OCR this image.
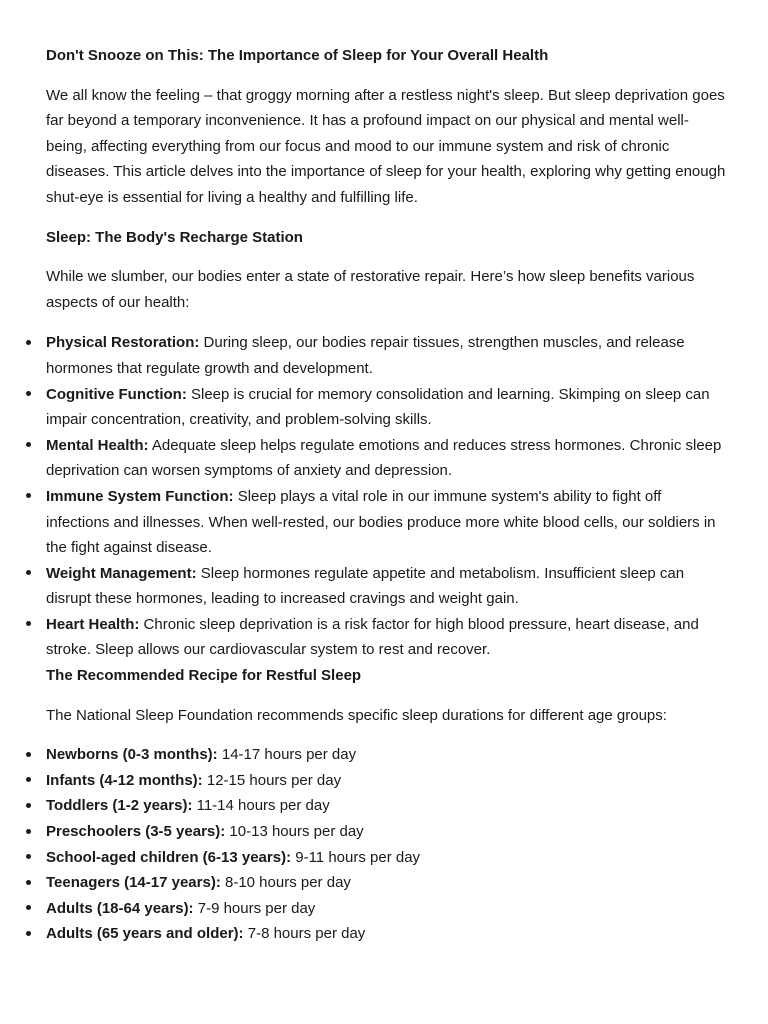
Don't Snooze on This: The Importance of Sleep for Your Overall Health

We all know the feeling – that groggy morning after a restless night's sleep. But sleep deprivation goes far beyond a temporary inconvenience. It has a profound impact on our physical and mental well-being, affecting everything from our focus and mood to our immune system and risk of chronic diseases. This article delves into the importance of sleep for your health, exploring why getting enough shut-eye is essential for living a healthy and fulfilling life.

Sleep: The Body's Recharge Station

While we slumber, our bodies enter a state of restorative repair. Here’s how sleep benefits various aspects of our health:

Physical Restoration: During sleep, our bodies repair tissues, strengthen muscles, and release hormones that regulate growth and development.
Cognitive Function: Sleep is crucial for memory consolidation and learning. Skimping on sleep can impair concentration, creativity, and problem-solving skills.
Mental Health: Adequate sleep helps regulate emotions and reduces stress hormones. Chronic sleep deprivation can worsen symptoms of anxiety and depression.
Immune System Function: Sleep plays a vital role in our immune system's ability to fight off infections and illnesses. When well-rested, our bodies produce more white blood cells, our soldiers in the fight against disease.
Weight Management: Sleep hormones regulate appetite and metabolism. Insufficient sleep can disrupt these hormones, leading to increased cravings and weight gain.
Heart Health: Chronic sleep deprivation is a risk factor for high blood pressure, heart disease, and stroke. Sleep allows our cardiovascular system to rest and recover.
The Recommended Recipe for Restful Sleep

The National Sleep Foundation recommends specific sleep durations for different age groups:

Newborns (0-3 months): 14-17 hours per day
Infants (4-12 months): 12-15 hours per day
Toddlers (1-2 years): 11-14 hours per day
Preschoolers (3-5 years): 10-13 hours per day
School-aged children (6-13 years): 9-11 hours per day
Teenagers (14-17 years): 8-10 hours per day
Adults (18-64 years): 7-9 hours per day
Adults (65 years and older): 7-8 hours per day
